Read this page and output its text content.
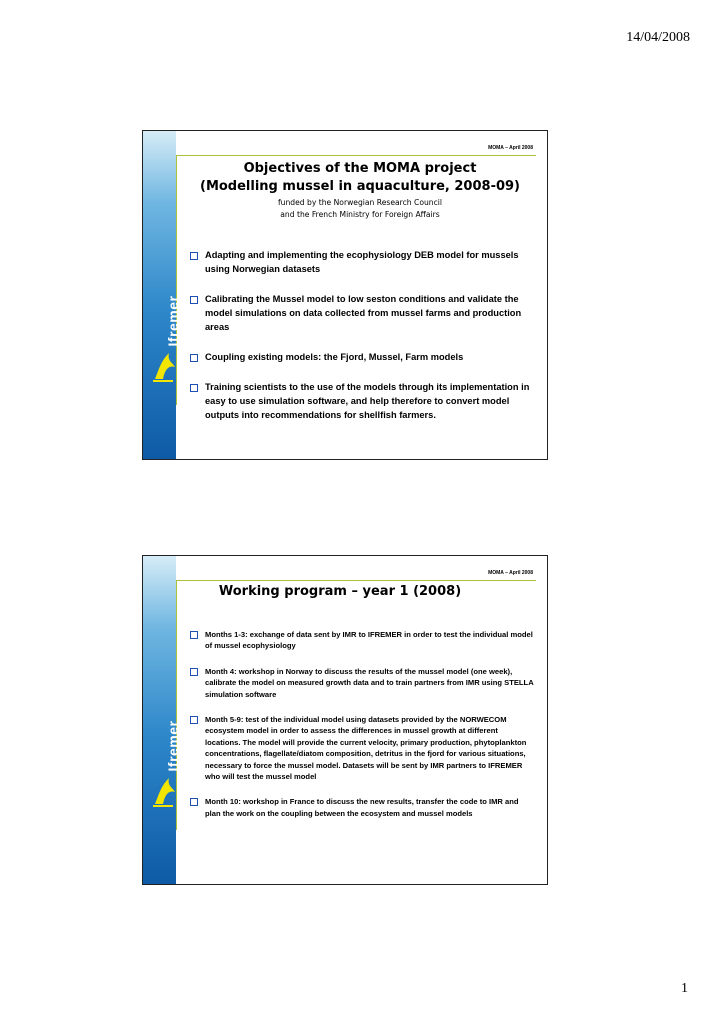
14/04/2008
Ifremer
MOMA – April 2008
Objectives of the MOMA project
(Modelling mussel in aquaculture, 2008-09)
funded by the Norwegian Research Council
and the French Ministry for Foreign Affairs
Adapting and implementing the ecophysiology DEB model for mussels using Norwegian datasets
Calibrating the Mussel model to low seston conditions and validate the model simulations on data collected from mussel farms and production areas
Coupling existing models: the Fjord, Mussel, Farm models
Training scientists to the use of the models through its implementation in easy to use simulation software, and help therefore to convert model outputs into recommendations for shellfish farmers.
Ifremer
MOMA – April 2008
Working program – year 1 (2008)
Months 1-3: exchange of data sent by IMR to IFREMER in order to test the individual model of mussel ecophysiology
Month 4: workshop in Norway to discuss the results of the mussel model (one week), calibrate the model on measured growth data and to train partners from IMR using STELLA simulation software
Month 5-9: test of the individual model using datasets provided by the NORWECOM ecosystem model in order to assess the differences in mussel growth at different locations. The model will provide the current velocity, primary production, phytoplankton concentrations, flagellate/diatom composition, detritus in the fjord for various situations, necessary to force the mussel model. Datasets will be sent by IMR partners to IFREMER who will test the mussel model
Month 10: workshop in France to discuss the new results, transfer the code to IMR and plan the work on the coupling between the ecosystem and mussel models
1
